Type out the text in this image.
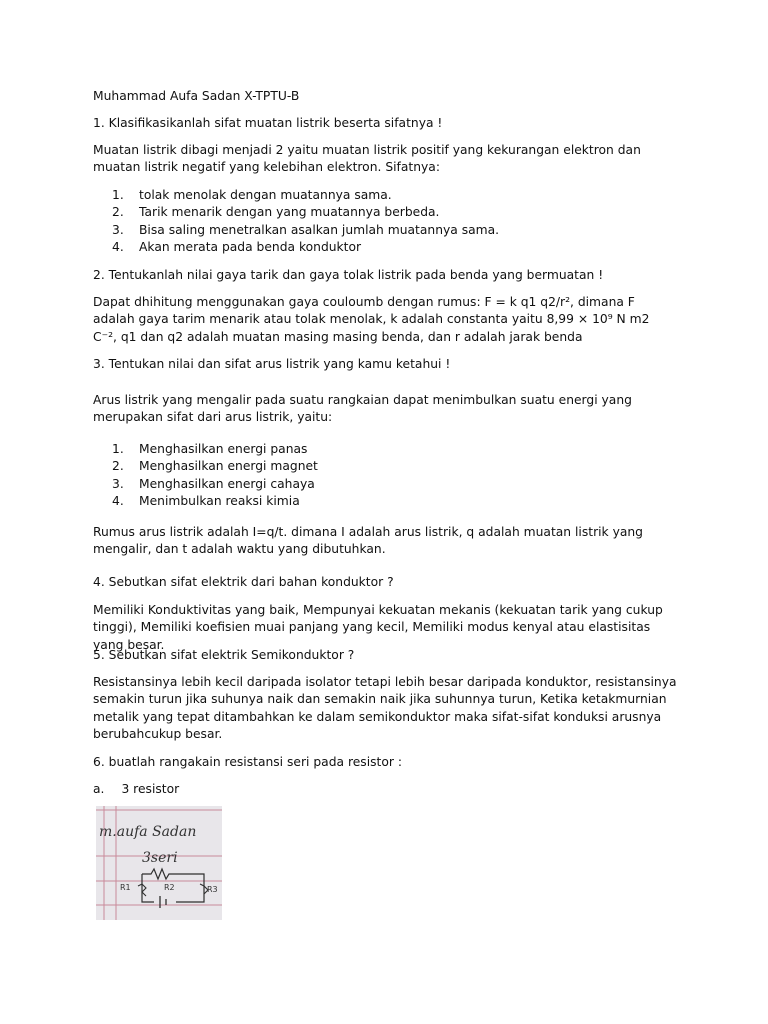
Muhammad Aufa Sadan X-TPTU-B

1. Klasifikasikanlah sifat muatan listrik beserta sifatnya !

Muatan listrik dibagi menjadi 2 yaitu muatan listrik positif yang kekurangan elektron dan muatan listrik negatif yang kelebihan elektron. Sifatnya:

1. tolak menolak dengan muatannya sama.
2. Tarik menarik dengan yang muatannya berbeda.
3. Bisa saling menetralkan asalkan jumlah muatannya sama.
4. Akan merata pada benda konduktor

2. Tentukanlah nilai gaya tarik dan gaya tolak listrik pada benda yang bermuatan !

Dapat dhihitung menggunakan gaya couloumb dengan rumus: F = k q1 q2/r², dimana F adalah gaya tarim menarik atau tolak menolak, k adalah constanta yaitu 8,99 × 10⁹ N m2 C⁻², q1 dan q2 adalah muatan masing masing benda, dan r adalah jarak benda

3. Tentukan nilai dan sifat arus listrik yang kamu ketahui !

Arus listrik yang mengalir pada suatu rangkaian dapat menimbulkan suatu energi yang merupakan sifat dari arus listrik, yaitu:

1. Menghasilkan energi panas
2. Menghasilkan energi magnet
3. Menghasilkan energi cahaya
4. Menimbulkan reaksi kimia

Rumus arus listrik adalah I=q/t. dimana I adalah arus listrik, q adalah muatan listrik yang mengalir, dan t adalah waktu yang dibutuhkan.

4. Sebutkan sifat elektrik dari bahan konduktor ?

Memiliki Konduktivitas yang baik, Mempunyai kekuatan mekanis (kekuatan tarik yang cukup tinggi), Memiliki koefisien muai panjang yang kecil, Memiliki modus kenyal atau elastisitas yang besar.

5. Sebutkan sifat elektrik Semikonduktor ?

Resistansinya lebih kecil daripada isolator tetapi lebih besar daripada konduktor, resistansinya semakin turun jika suhunya naik dan semakin naik jika suhunnya turun, Ketika ketakmurnian metalik yang tepat ditambahkan ke dalam semikonduktor maka sifat-sifat konduksi arusnya berubahcukup besar.

6. buatlah rangakain resistansi seri pada resistor :

a. 3 resistor

m.aufa Sadan
3seri
R1	R2	R3
